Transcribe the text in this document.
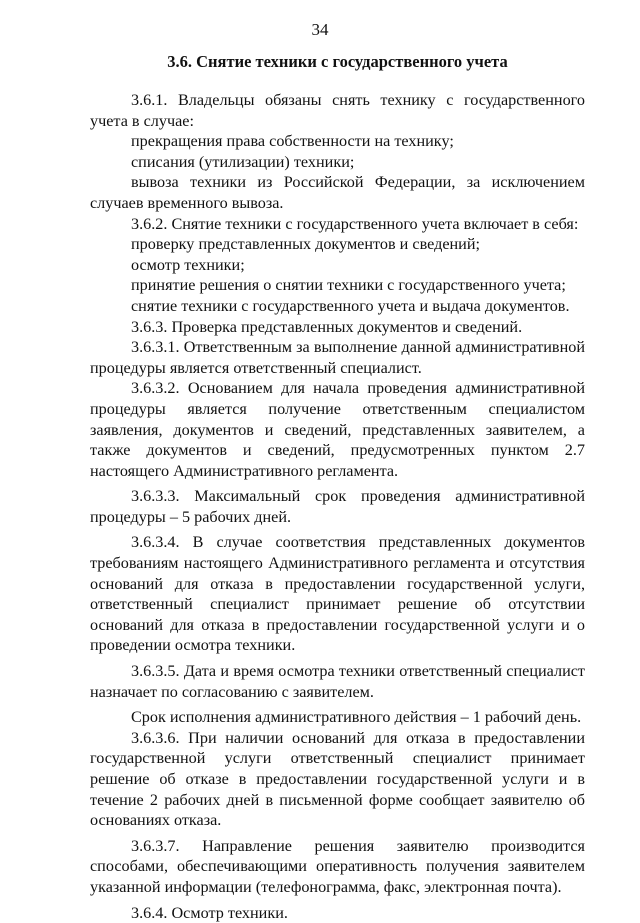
34
3.6. Снятие техники с государственного учета

3.6.1. Владельцы обязаны снять технику с государственного учета в случае:

прекращения права собственности на технику;

списания (утилизации) техники;

вывоза техники из Российской Федерации, за исключением случаев временного вывоза.

3.6.2. Снятие техники с государственного учета включает в себя:

проверку представленных документов и сведений;

осмотр техники;

принятие решения о снятии техники с государственного учета;

снятие техники с государственного учета и выдача документов.

3.6.3. Проверка представленных документов и сведений.

3.6.3.1. Ответственным за выполнение данной административной процедуры является ответственный специалист.

3.6.3.2. Основанием для начала проведения административной процедуры является получение ответственным специалистом заявления, документов и сведений, представленных заявителем, а также документов и сведений, предусмотренных пунктом 2.7 настоящего Административного регламента.

3.6.3.3. Максимальный срок проведения административной процедуры – 5 рабочих дней.

3.6.3.4. В случае соответствия представленных документов требованиям настоящего Административного регламента и отсутствия оснований для отказа в предоставлении государственной услуги, ответственный специалист принимает решение об отсутствии оснований для отказа в предоставлении государственной услуги и о проведении осмотра техники.

3.6.3.5. Дата и время осмотра техники ответственный специалист назначает по согласованию с заявителем.

Срок исполнения административного действия – 1 рабочий день.

3.6.3.6. При наличии оснований для отказа в предоставлении государственной услуги ответственный специалист принимает решение об отказе в предоставлении государственной услуги и в течение 2 рабочих дней в письменной форме сообщает заявителю об основаниях отказа.

3.6.3.7. Направление решения заявителю производится способами, обеспечивающими оперативность получения заявителем указанной информации (телефонограмма, факс, электронная почта).

3.6.4. Осмотр техники.
